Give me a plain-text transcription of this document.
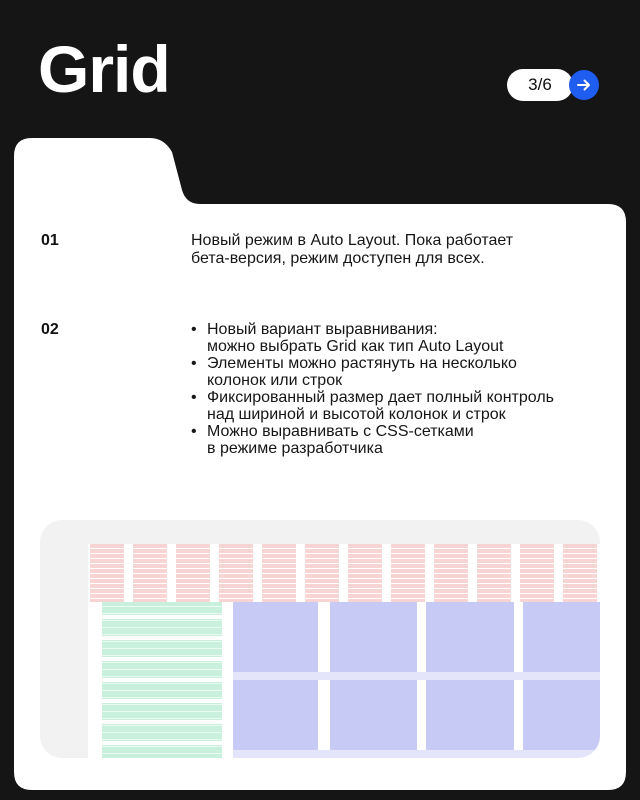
Grid	3/6
01	Новый режим в Auto Layout. Пока работает
бета-версия, режим доступен для всех.
02
•	Новый вариант выравнивания:
можно выбрать Grid как тип Auto Layout
• Элементы можно растянуть на несколько
колонок или строк
• Фиксированный размер дает полный контроль
над шириной и высотой колонок и строк
• Можно выравнивать с CSS-сетками
в режиме разработчика
